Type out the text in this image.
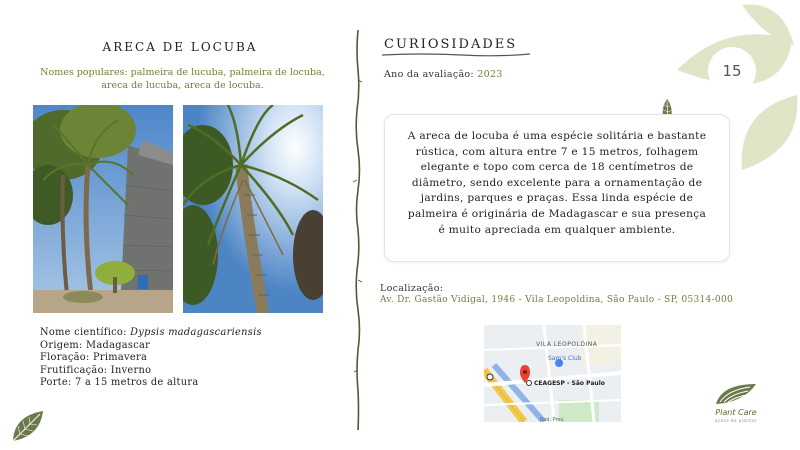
ARECA DE LOCUBA
Nomes populares: palmeira de lucuba, palmeira de locuba, areca de lucuba, areca de locuba.
Nome científico: Dypsis madagascariensis
Origem: Madagascar
Floração: Primavera
Frutificação: Inverno
Porte: 7 a 15 metros de altura
CURIOSIDADES
Ano da avaliação: 2023
A areca de locuba é uma espécie solitária e bastante rústica, com altura entre 7 e 15 metros, folhagem elegante e topo com cerca de 18 centímetros de diâmetro, sendo excelente para a ornamentação de jardins, parques e praças. Essa linda espécie de palmeira é originária de Madagascar e sua presença é muito apreciada em qualquer ambiente.
Localização:
Av. Dr. Gastão Vidigal, 1946 - Vila Leopoldina, São Paulo - SP, 05314-000
VILA LEOPOLDINA
Sam's Club
CEAGESP - São Paulo
Rod. Pres.
15
Plant Care
acaso de plantas
